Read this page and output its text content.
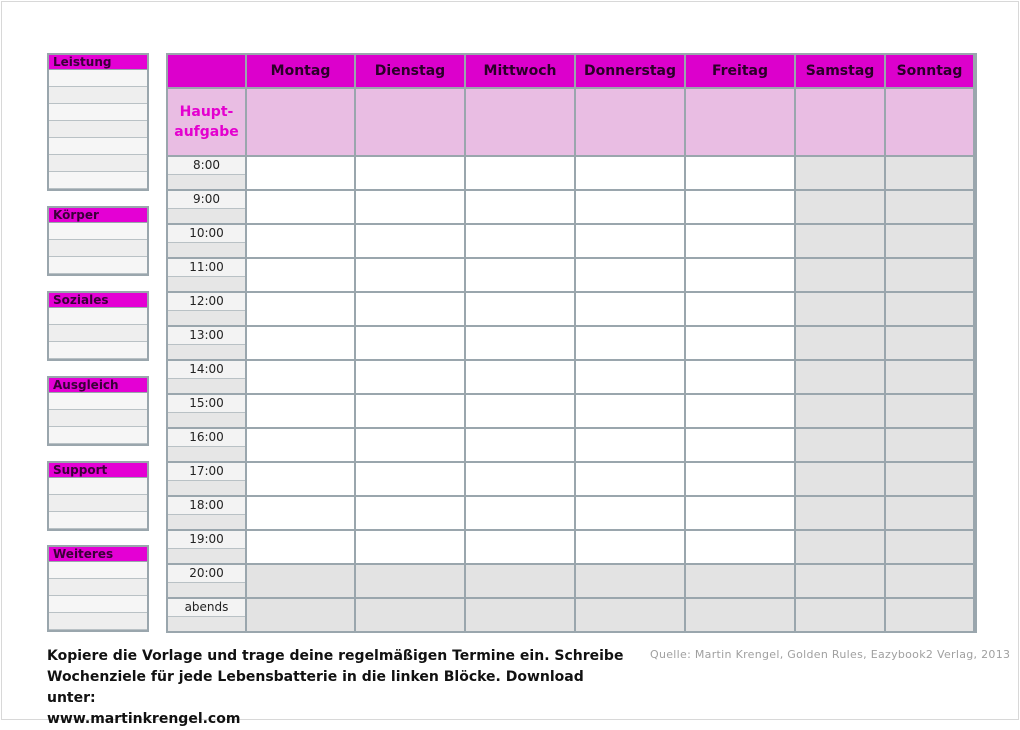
Leistung
Körper
Soziales
Ausgleich
Support
Weiteres
Montag	Dienstag	Mittwoch	Donnerstag	Freitag	Samstag	Sonntag
Haupt-
aufgabe
8:00
9:00
10:00
11:00
12:00
13:00
14:00
15:00
16:00
17:00
18:00
19:00
20:00
abends
Kopiere die Vorlage und trage deine regelmäßigen Termine ein. Schreibe
Wochenziele für jede Lebensbatterie in die linken Blöcke. Download unter:
www.martinkrengel.com
Quelle: Martin Krengel, Golden Rules, Eazybook2 Verlag, 2013
